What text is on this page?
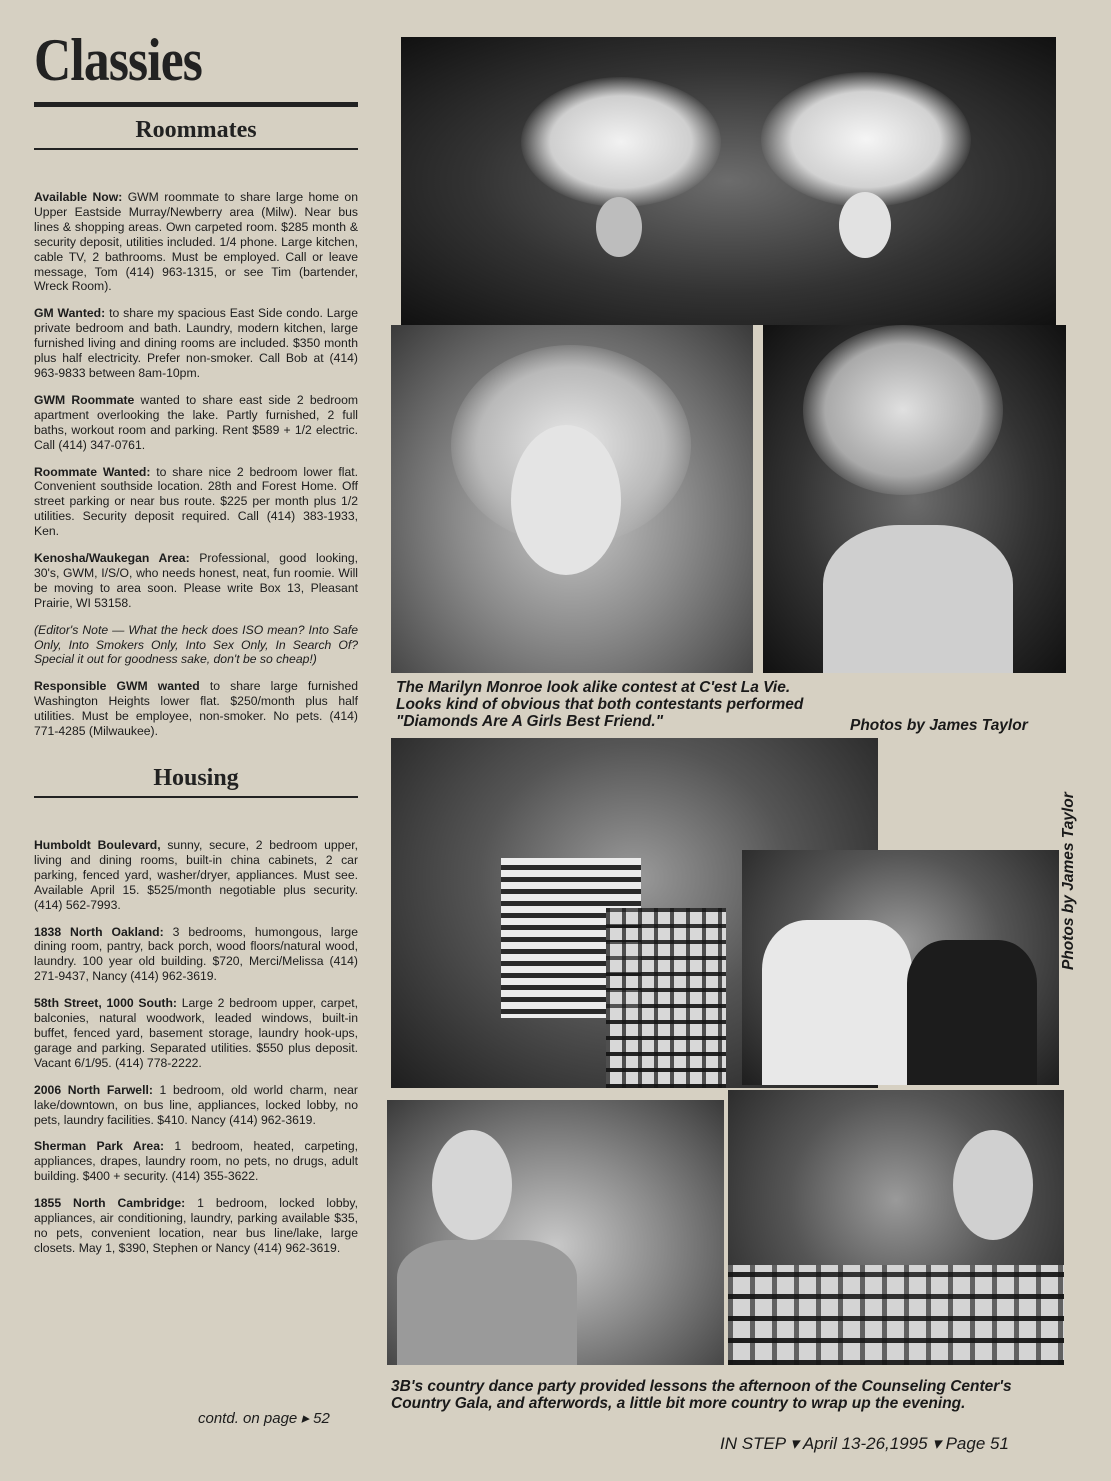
Classies
Roommates

Available Now: GWM roommate to share large home on Upper Eastside Murray/Newberry area (Milw). Near bus lines & shopping areas. Own carpeted room. $285 month & security deposit, utilities included. 1/4 phone. Large kitchen, cable TV, 2 bathrooms. Must be employed. Call or leave message, Tom (414) 963-1315, or see Tim (bartender, Wreck Room).

GM Wanted: to share my spacious East Side condo. Large private bedroom and bath. Laundry, modern kitchen, large furnished living and dining rooms are included. $350 month plus half electricity. Prefer non-smoker. Call Bob at (414) 963-9833 between 8am-10pm.

GWM Roommate wanted to share east side 2 bedroom apartment overlooking the lake. Partly furnished, 2 full baths, workout room and parking. Rent $589 + 1/2 electric. Call (414) 347-0761.

Roommate Wanted: to share nice 2 bedroom lower flat. Convenient southside location. 28th and Forest Home. Off street parking or near bus route. $225 per month plus 1/2 utilities. Security deposit required. Call (414) 383-1933, Ken.

Kenosha/Waukegan Area: Professional, good looking, 30's, GWM, I/S/O, who needs honest, neat, fun roomie. Will be moving to area soon. Please write Box 13, Pleasant Prairie, WI 53158.

(Editor's Note — What the heck does ISO mean? Into Safe Only, Into Smokers Only, Into Sex Only, In Search Of? Special it out for goodness sake, don't be so cheap!)

Responsible GWM wanted to share large furnished Washington Heights lower flat. $250/month plus half utilities. Must be employee, non-smoker. No pets. (414) 771-4285 (Milwaukee).

Housing

Humboldt Boulevard, sunny, secure, 2 bedroom upper, living and dining rooms, built-in china cabinets, 2 car parking, fenced yard, washer/dryer, appliances. Must see. Available April 15. $525/month negotiable plus security. (414) 562-7993.

1838 North Oakland: 3 bedrooms, humongous, large dining room, pantry, back porch, wood floors/natural wood, laundry. 100 year old building. $720, Merci/Melissa (414) 271-9437, Nancy (414) 962-3619.

58th Street, 1000 South: Large 2 bedroom upper, carpet, balconies, natural woodwork, leaded windows, built-in buffet, fenced yard, basement storage, laundry hook-ups, garage and parking. Separated utilities. $550 plus deposit. Vacant 6/1/95. (414) 778-2222.

2006 North Farwell: 1 bedroom, old world charm, near lake/downtown, on bus line, appliances, locked lobby, no pets, laundry facilities. $410. Nancy (414) 962-3619.

Sherman Park Area: 1 bedroom, heated, carpeting, appliances, drapes, laundry room, no pets, no drugs, adult building. $400 + security. (414) 355-3622.

1855 North Cambridge: 1 bedroom, locked lobby, appliances, air conditioning, laundry, parking available $35, no pets, convenient location, near bus line/lake, large closets. May 1, $390, Stephen or Nancy (414) 962-3619.

contd. on page ▸ 52
The Marilyn Monroe look alike contest at C'est La Vie.
Looks kind of obvious that both contestants performed
"Diamonds Are A Girls Best Friend."	Photos by James Taylor
Photos by James Taylor
3B's country dance party provided lessons the afternoon of the Counseling Center's Country Gala, and afterwords, a little bit more country to wrap up the evening.
IN STEP ▾ April 13-26,1995 ▾ Page 51
